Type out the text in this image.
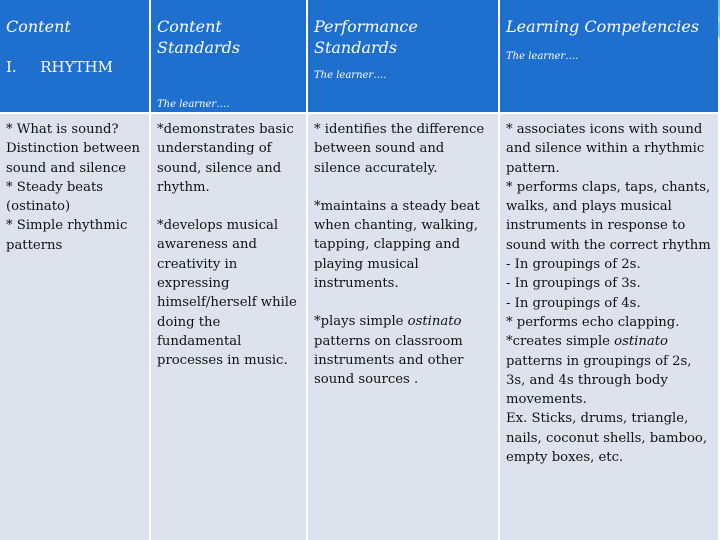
Content

I. RHYTHM

Content Standards

The learner….

Performance Standards

The learner….

Learning Competencies

The learner….

* What is sound?
Distinction between sound and silence
* Steady beats (ostinato)
* Simple rhythmic patterns

*demonstrates basic understanding of sound, silence and rhythm.

*develops musical awareness and creativity in expressing himself/herself while doing the fundamental processes in music.

* identifies the difference between sound and silence accurately.

*maintains a steady beat when chanting, walking, tapping, clapping and playing musical instruments.

*plays simple ostinato patterns on classroom instruments and other sound sources .

* associates icons with sound and silence within a rhythmic pattern.
* performs claps, taps, chants, walks, and plays musical instruments in response to sound with the correct rhythm
- In groupings of 2s.
- In groupings of 3s.
- In groupings of 4s.
* performs echo clapping.
*creates simple ostinato patterns in groupings of 2s, 3s, and 4s through body movements.
Ex. Sticks, drums, triangle, nails, coconut shells, bamboo, empty boxes, etc.
